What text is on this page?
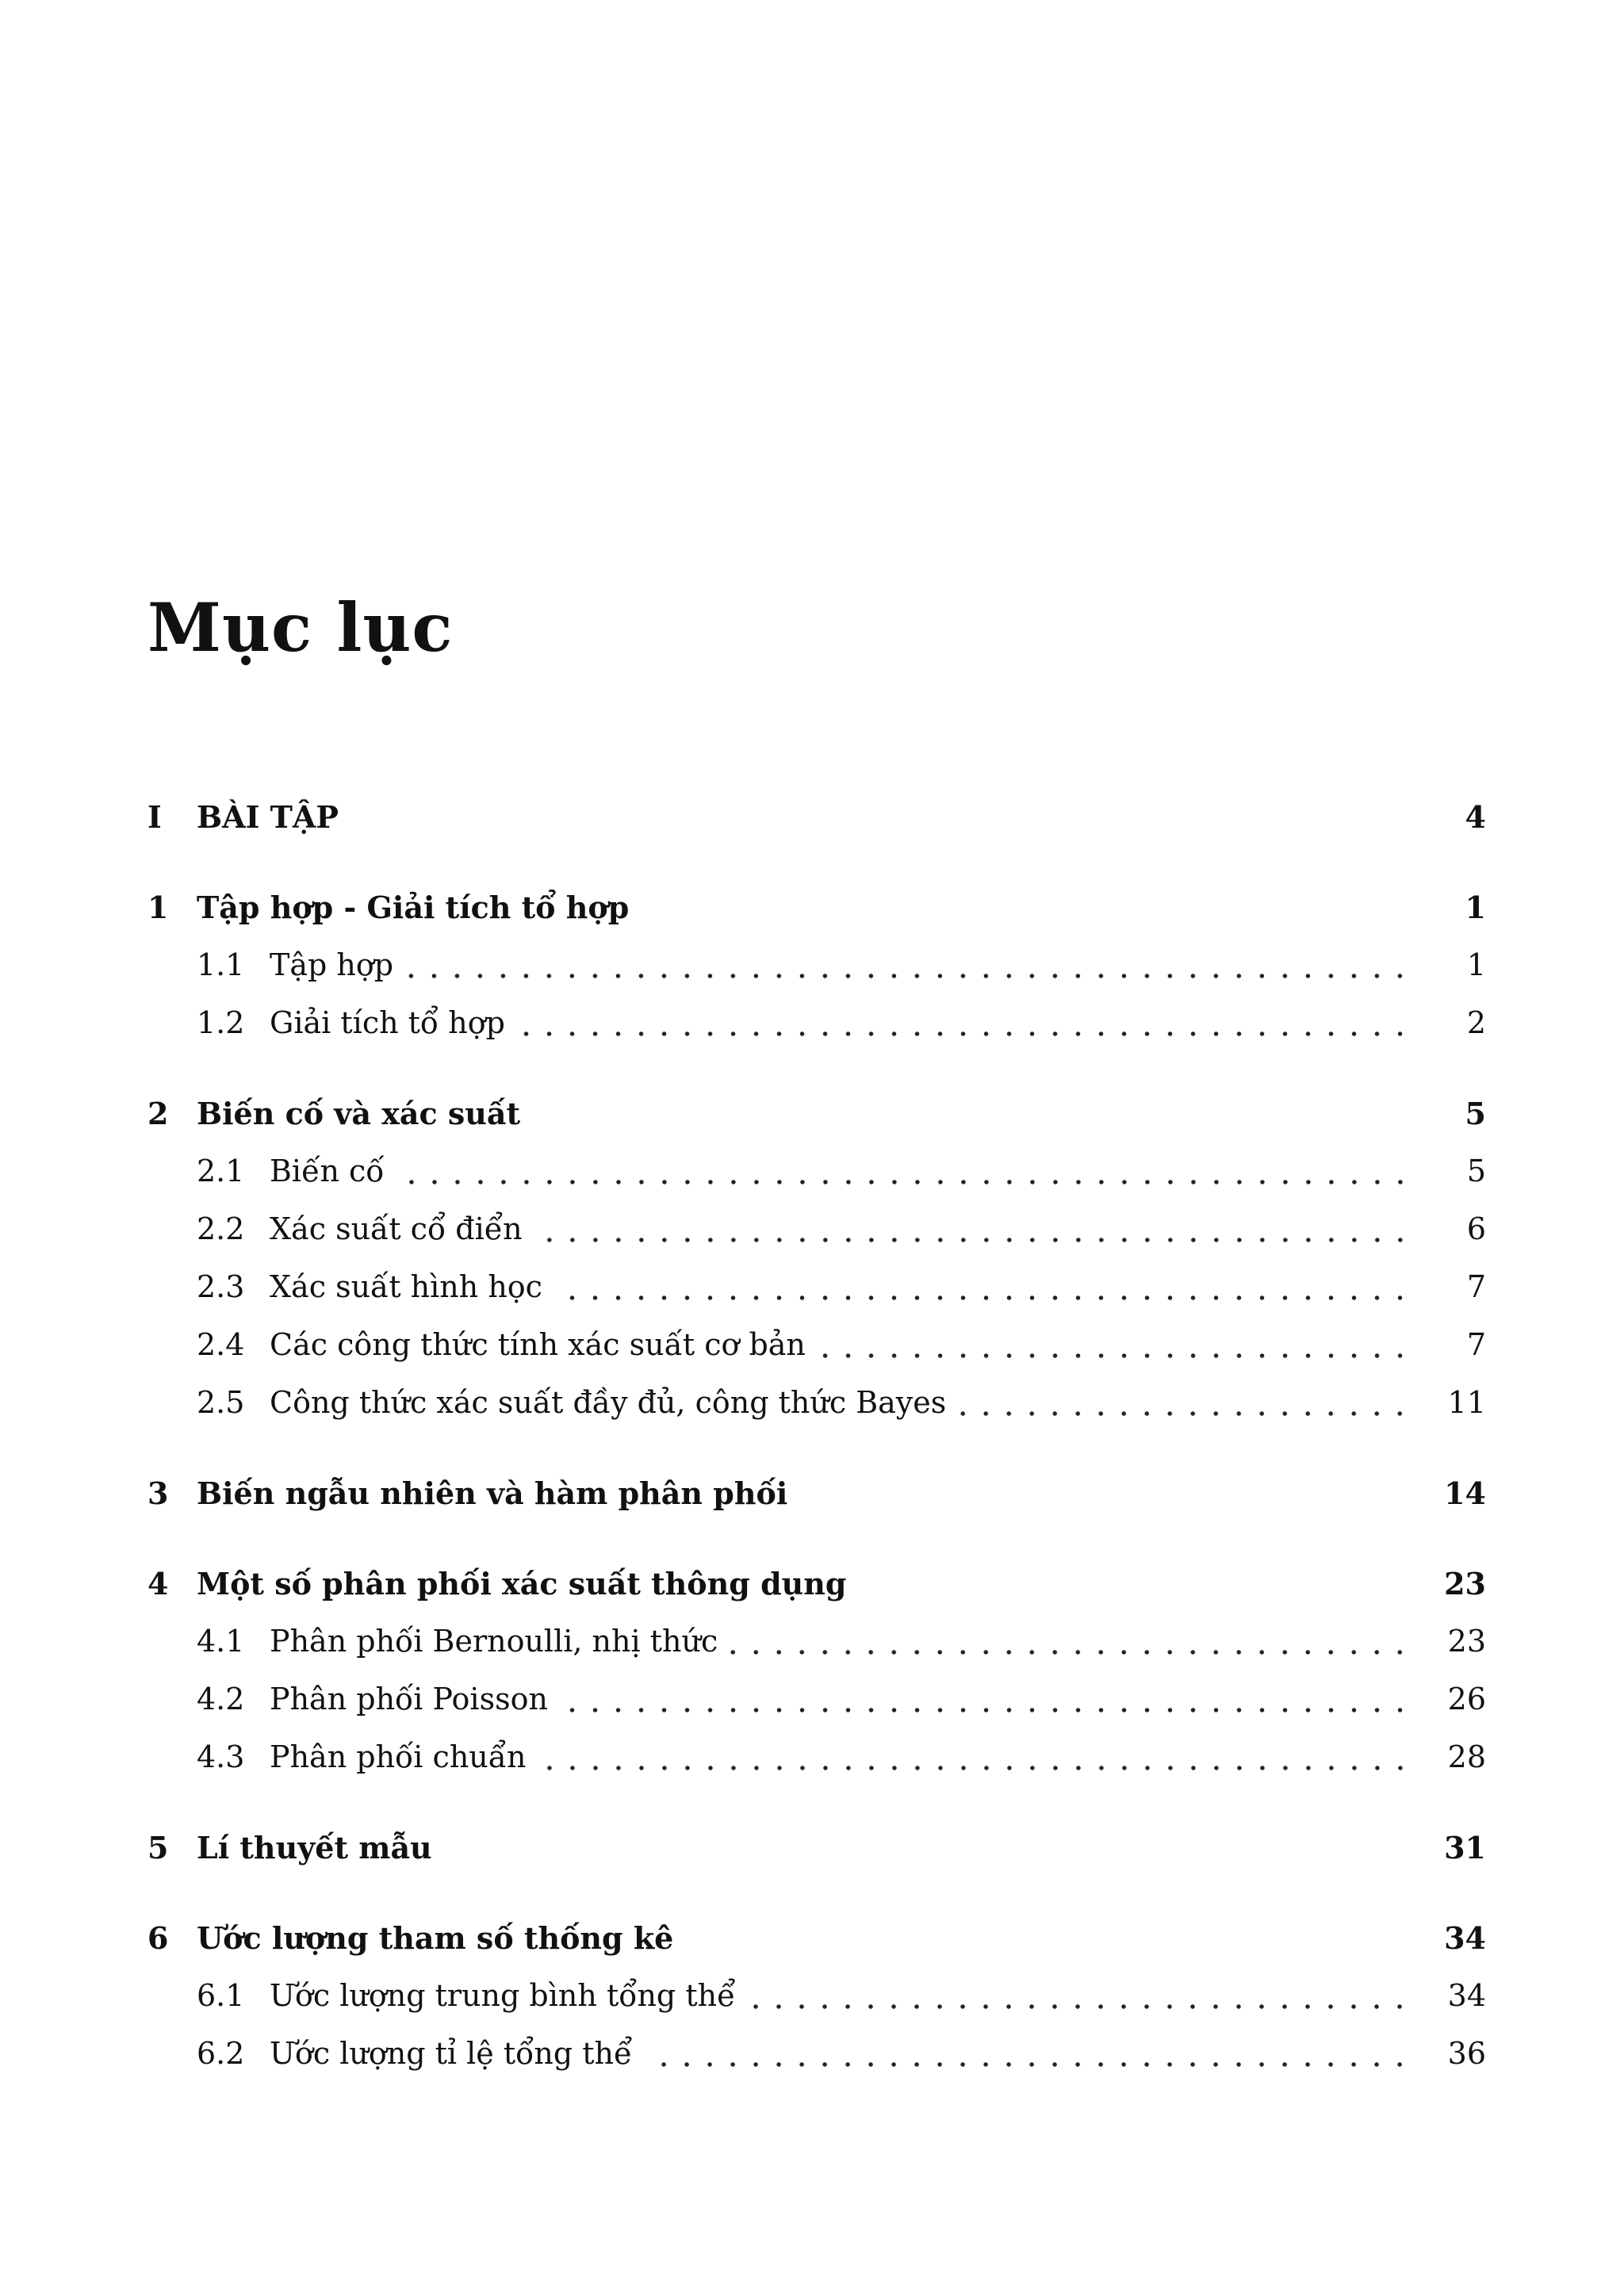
Mục lục
I	BÀI TẬP	4
1 Tập hợp - Giải tích tổ hợp	1
1.1 Tập hợp	1
1.2 Giải tích tổ hợp	2
2 Biến cố và xác suất	5
2.1 Biến cố	5
2.2 Xác suất cổ điển	6
2.3 Xác suất hình học	7
2.4 Các công thức tính xác suất cơ bản	7
2.5 Công thức xác suất đầy đủ, công thức Bayes	11
3 Biến ngẫu nhiên và hàm phân phối	14
4 Một số phân phối xác suất thông dụng	23
4.1 Phân phối Bernoulli, nhị thức	23
4.2 Phân phối Poisson	26
4.3 Phân phối chuẩn	28
5 Lí thuyết mẫu	31
6 Ước lượng tham số thống kê	34
6.1 Ước lượng trung bình tổng thể	34
6.2 Ước lượng tỉ lệ tổng thể	36
